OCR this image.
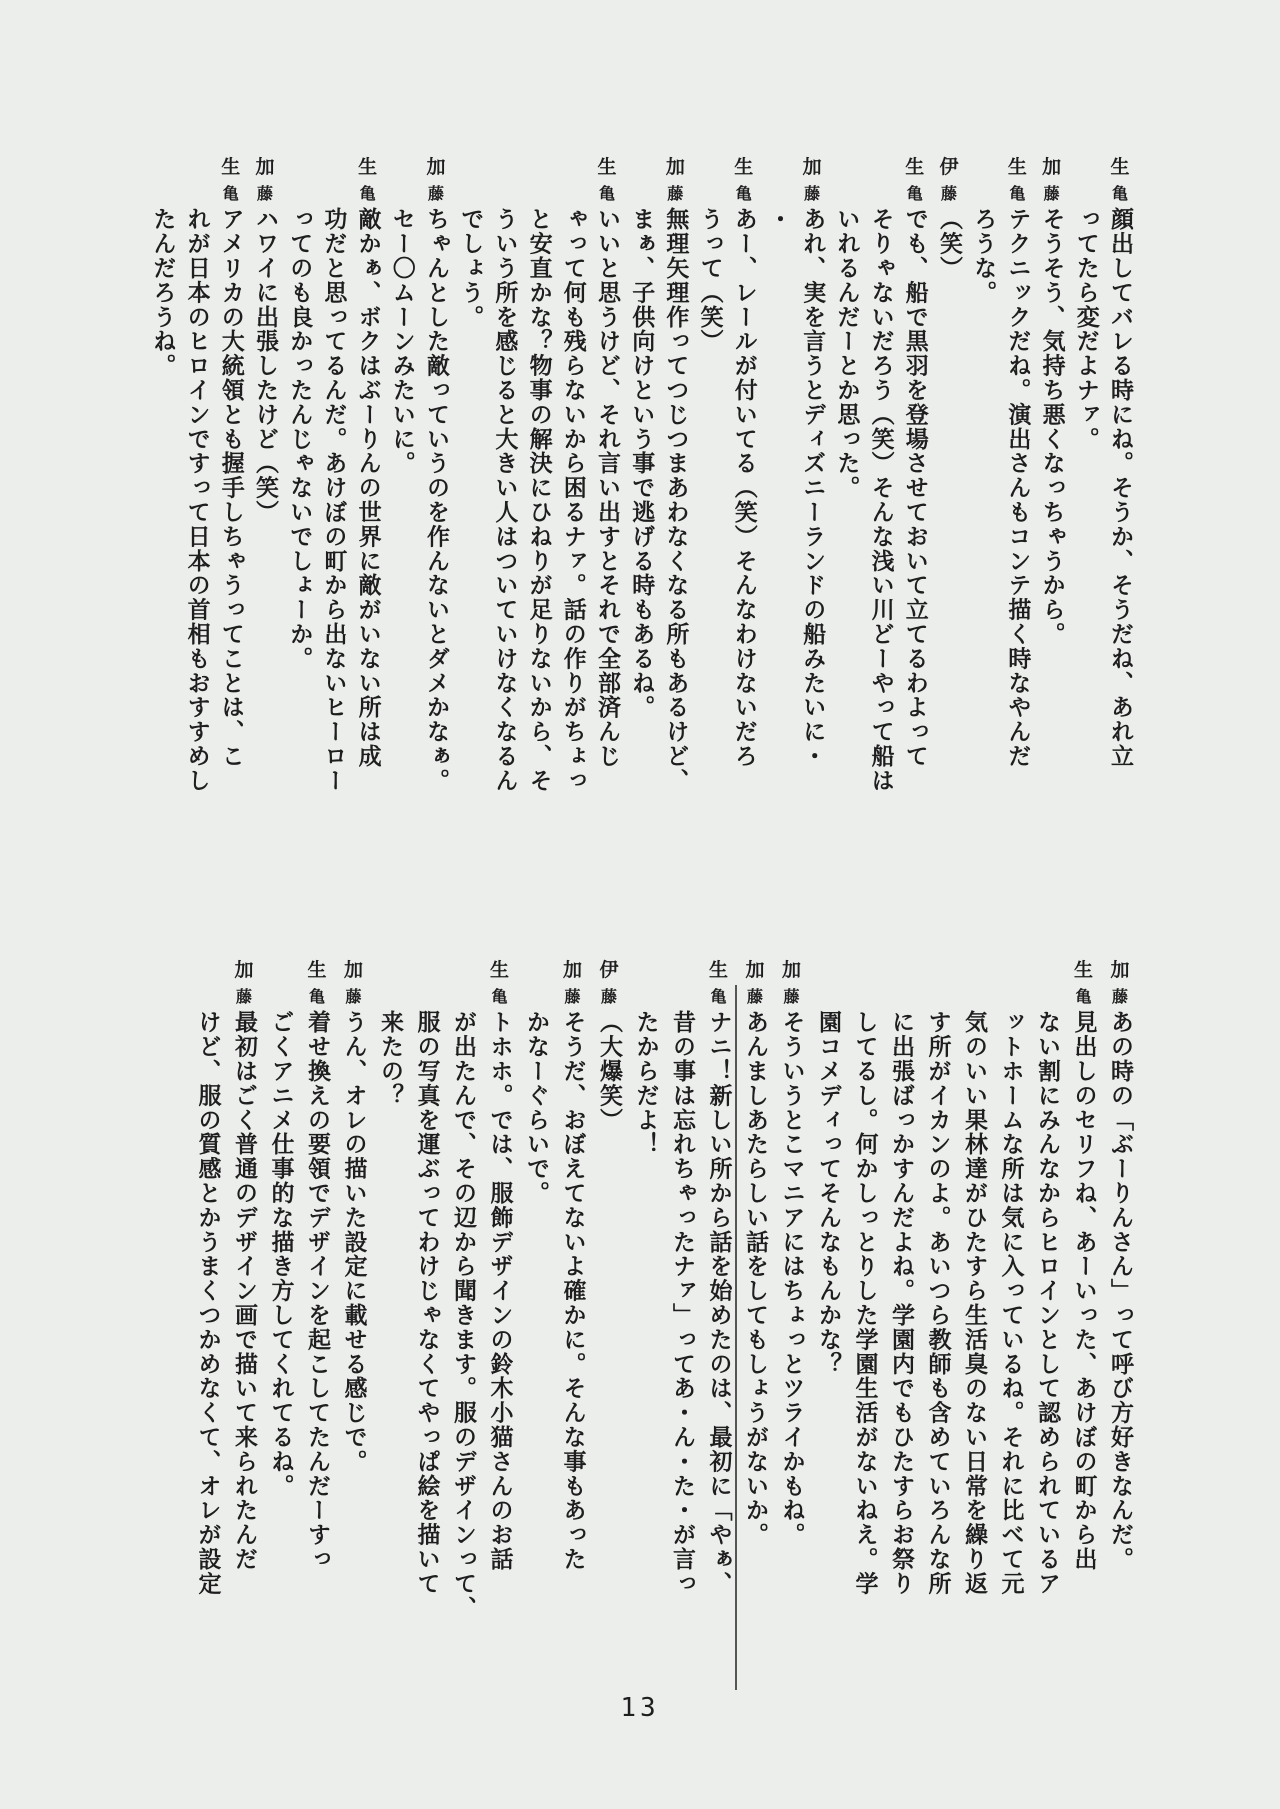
生
亀
顔出してバレる時にね。そうか、そうだね、あれ立
ってたら変だよナァ。
加
藤
そうそう、気持ち悪くなっちゃうから。
生
亀
テクニックだね。演出さんもコンテ描く時なやんだ
ろうな。
伊
藤
（笑）
生
亀
でも、船で黒羽を登場させておいて立てるわよって
そりゃないだろう（笑）そんな浅い川どーやって船は
いれるんだーとか思った。
加
藤
あれ、実を言うとディズニーランドの船みたいに・
・
生
亀
あー、レールが付いてる（笑）そんなわけないだろ
うって（笑）
加
藤
無理矢理作ってつじつまあわなくなる所もあるけど、
まぁ、子供向けという事で逃げる時もあるね。
生
亀
いいと思うけど、それ言い出すとそれで全部済んじ
ゃって何も残らないから困るナァ。話の作りがちょっ
と安直かな？物事の解決にひねりが足りないから、そ
ういう所を感じると大きい人はついていけなくなるん
でしょう。
加
藤
ちゃんとした敵っていうのを作んないとダメかなぁ。
セー〇ムーンみたいに。
生
亀
敵かぁ、ボクはぶーりんの世界に敵がいない所は成
功だと思ってるんだ。あけぼの町から出ないヒーロー
ってのも良かったんじゃないでしょーか。
加
藤
ハワイに出張したけど（笑）
生
亀
アメリカの大統領とも握手しちゃうってことは、こ
れが日本のヒロインですって日本の首相もおすすめし
たんだろうね。
加
藤
あの時の「ぶーりんさん」って呼び方好きなんだ。
生
亀
見出しのセリフね、あーいった、あけぼの町から出
ない割にみんなからヒロインとして認められているア
ットホームな所は気に入っているね。それに比べて元
気のいい果林達がひたすら生活臭のない日常を繰り返
す所がイカンのよ。あいつら教師も含めていろんな所
に出張ばっかすんだよね。学園内でもひたすらお祭り
してるし。何かしっとりした学園生活がないねえ。学
園コメディってそんなもんかな？
加
藤
そういうとこマニアにはちょっとツライかもね。
加
藤
あんましあたらしい話をしてもしょうがないか。
生
亀
ナニ！新しい所から話を始めたのは、最初に「やぁ、
昔の事は忘れちゃったナァ」ってあ・ん・た・が言っ
たからだよ！
伊
藤
（大爆笑）
加
藤
そうだ、おぼえてないよ確かに。そんな事もあった
かなーぐらいで。
生
亀
トホホ。では、服飾デザインの鈴木小猫さんのお話
が出たんで、その辺から聞きます。服のデザインって、
服の写真を運ぶってわけじゃなくてやっぱ絵を描いて
来たの？
加
藤
うん、オレの描いた設定に載せる感じで。
生
亀
着せ換えの要領でデザインを起こしてたんだーすっ
ごくアニメ仕事的な描き方してくれてるね。
加
藤
最初はごく普通のデザイン画で描いて来られたんだ
けど、服の質感とかうまくつかめなくて、オレが設定
13
